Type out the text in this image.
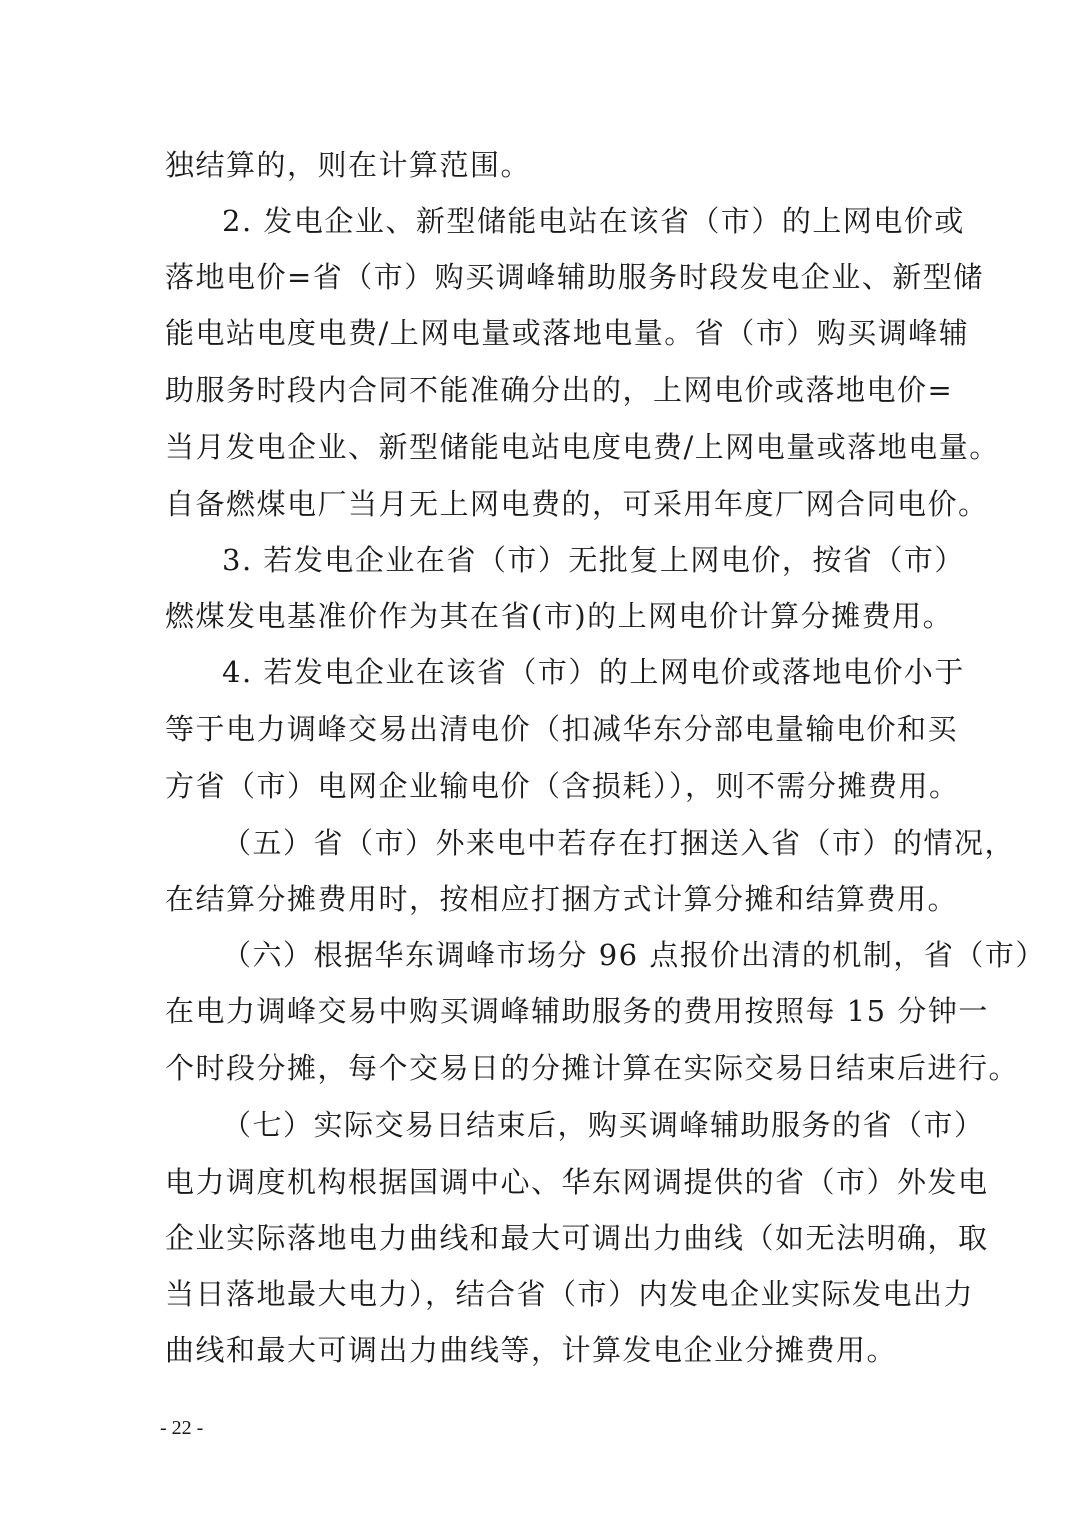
独结算的，则在计算范围。
2. 发电企业、新型储能电站在该省（市）的上网电价或
落地电价=省（市）购买调峰辅助服务时段发电企业、新型储
能电站电度电费/上网电量或落地电量。省（市）购买调峰辅
助服务时段内合同不能准确分出的，上网电价或落地电价=
当月发电企业、新型储能电站电度电费/上网电量或落地电量。
自备燃煤电厂当月无上网电费的，可采用年度厂网合同电价。
3. 若发电企业在省（市）无批复上网电价，按省（市）
燃煤发电基准价作为其在省(市)的上网电价计算分摊费用。
4. 若发电企业在该省（市）的上网电价或落地电价小于
等于电力调峰交易出清电价（扣减华东分部电量输电价和买
方省（市）电网企业输电价（含损耗）），则不需分摊费用。
（五）省（市）外来电中若存在打捆送入省（市）的情况，
在结算分摊费用时，按相应打捆方式计算分摊和结算费用。
（六）根据华东调峰市场分 96 点报价出清的机制，省（市）
在电力调峰交易中购买调峰辅助服务的费用按照每 15 分钟一
个时段分摊，每个交易日的分摊计算在实际交易日结束后进行。
（七）实际交易日结束后，购买调峰辅助服务的省（市）
电力调度机构根据国调中心、华东网调提供的省（市）外发电
企业实际落地电力曲线和最大可调出力曲线（如无法明确，取
当日落地最大电力），结合省（市）内发电企业实际发电出力
曲线和最大可调出力曲线等，计算发电企业分摊费用。
- 22 -
